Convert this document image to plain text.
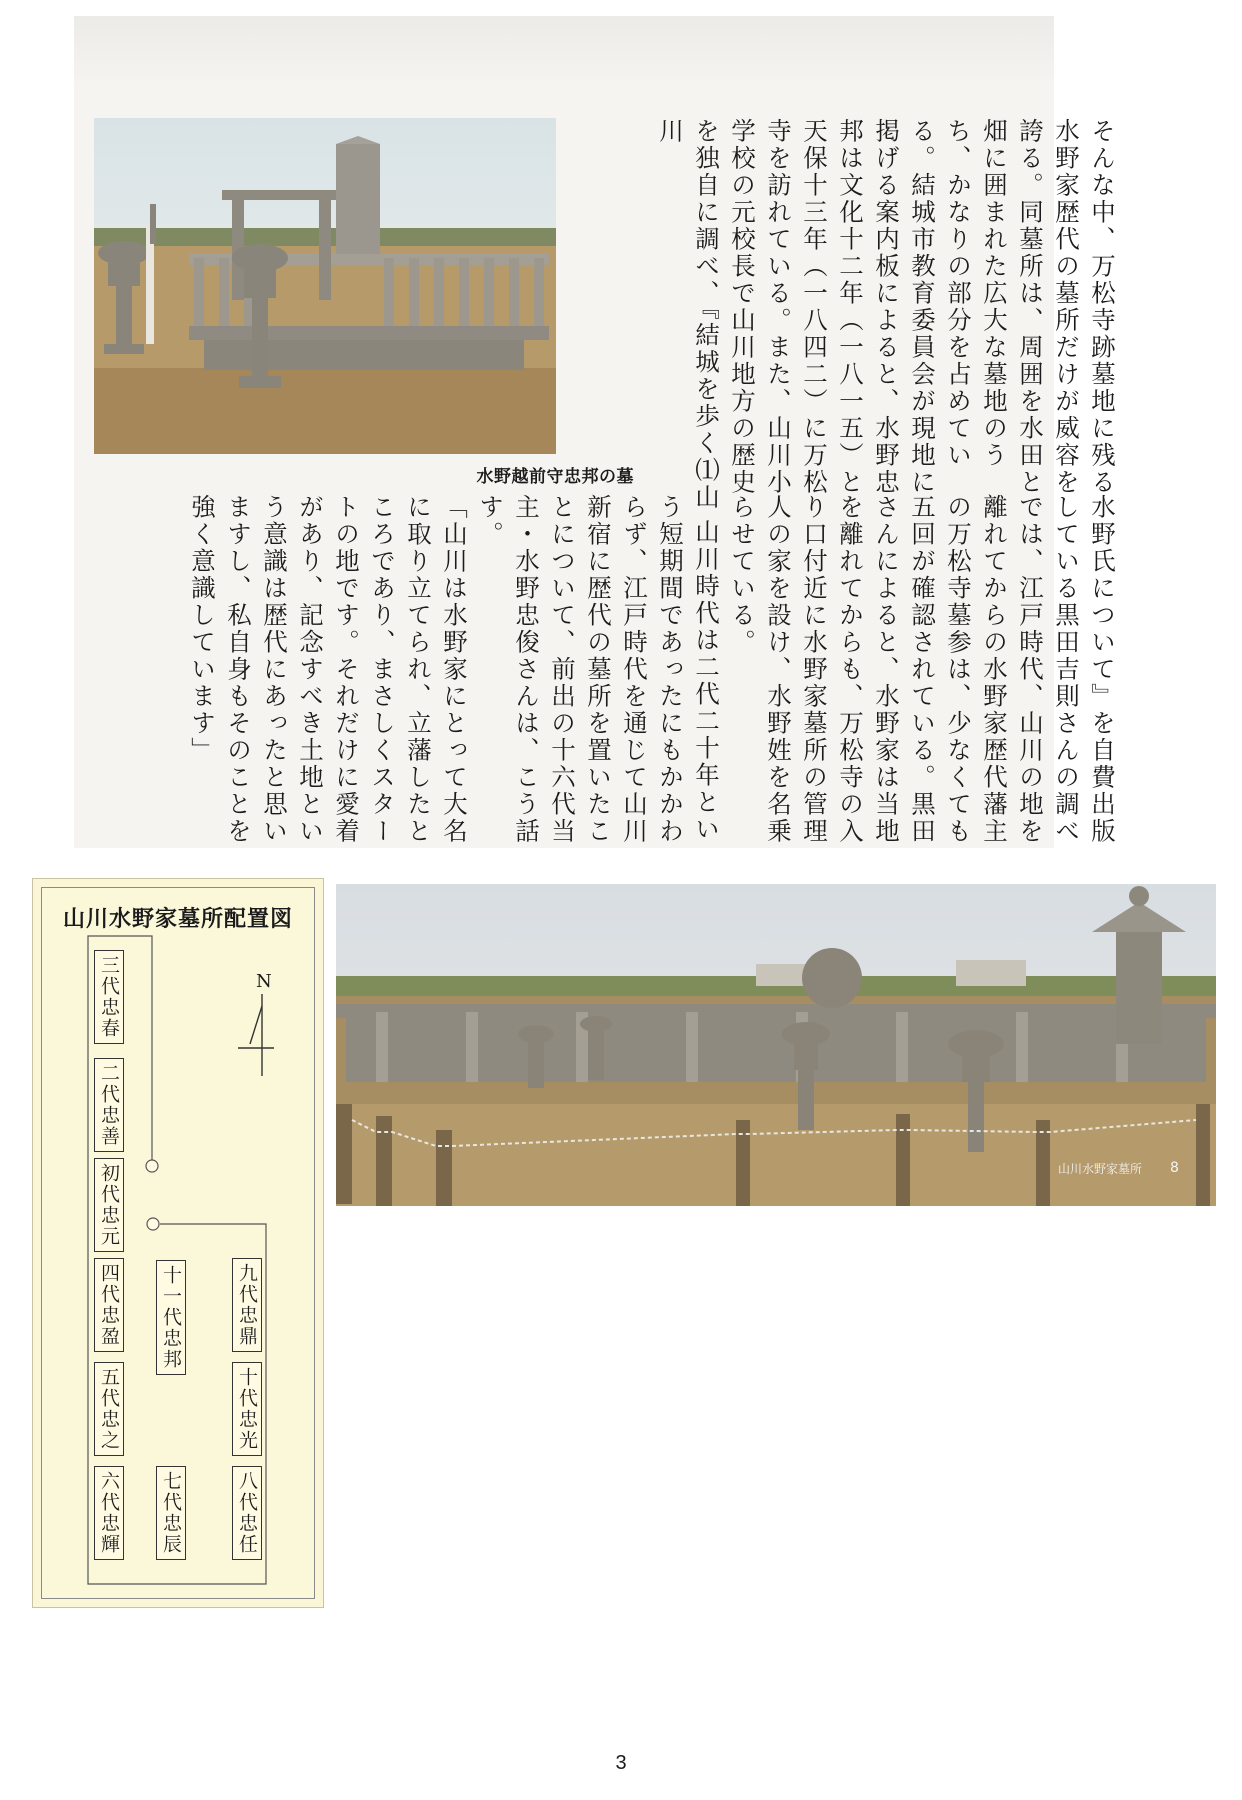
水野越前守忠邦の墓	そんな中、万松寺跡墓地に残る水野家歴代の墓所だけが威容を誇る。同墓所は、周囲を水田と畑に囲まれた広大な墓地のうち、かなりの部分を占めている。結城市教育委員会が現地に掲げる案内板によると、水野忠邦は文化十二年（一八一五）と天保十三年（一八四二）に万松寺を訪れている。また、山川小学校の元校長で山川地方の歴史を独自に調べ、『結城を歩く⑴山川

水野氏について』を自費出版している黒田吉則さんの調べでは、江戸時代、山川の地を離れてからの水野家歴代藩主の万松寺墓参は、少なくても五回が確認されている。黒田さんによると、水野家は当地を離れてからも、万松寺の入り口付近に水野家墓所の管理人の家を設け、水野姓を名乗らせている。

山川時代は二代二十年という短期間であったにもかかわらず、江戸時代を通じて山川新宿に歴代の墓所を置いたことについて、前出の十六代当主・水野忠俊さんは、こう話す。

「山川は水野家にとって大名に取り立てられ、立藩したところであり、まさしくスタートの地です。それだけに愛着があり、記念すべき土地という意識は歴代にあったと思いますし、私自身もそのことを強く意識しています」

山川水野家墓所配置図
N
三代忠春
二代忠善
初代忠元
四代忠盈
五代忠之
六代忠輝
十一代忠邦
七代忠辰
九代忠鼎
十代忠光
八代忠任
山川水野家墓所 8
3
